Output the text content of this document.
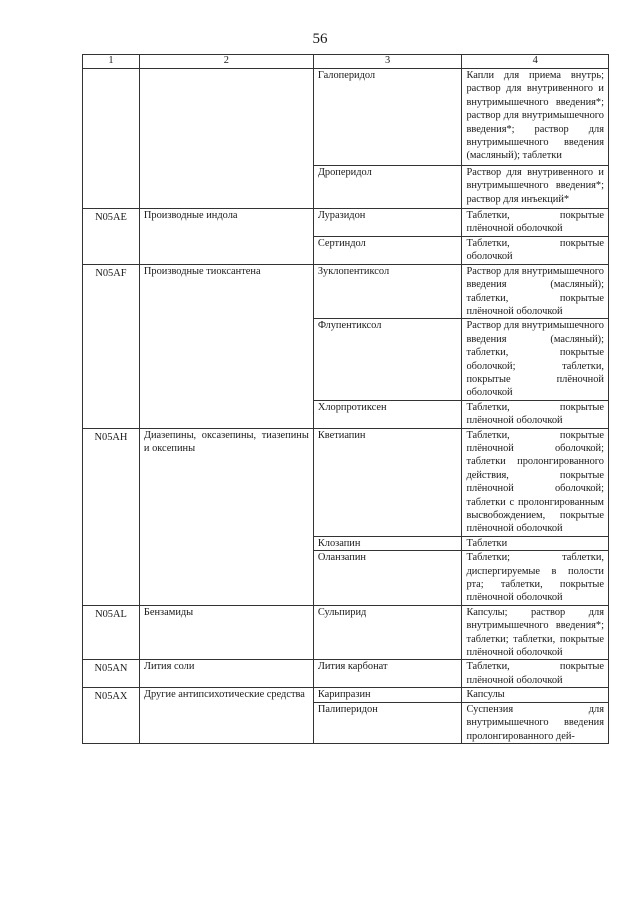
56
1	2	3	4
		Галоперидол	Капли для приема внутрь; раствор для внутривенного и внутримышечного введения*; раствор для внутримышечного введения*; раствор для внутримышечного введения (масляный); таблетки
		Дроперидол	Раствор для внутривенного и внутримышечного введения*; раствор для инъекций*
N05AE	Производные индола	Луразидон	Таблетки, покрытые плёночной оболочкой
		Сертиндол	Таблетки, покрытые оболочкой
N05AF	Производные тиоксантена	Зуклопентиксол	Раствор для внутримышечного введения (масляный); таблетки, покрытые плёночной оболочкой
		Флупентиксол	Раствор для внутримышечного введения (масляный); таблетки, покрытые оболочкой; таблетки, покрытые плёночной оболочкой
		Хлорпротиксен	Таблетки, покрытые плёночной оболочкой
N05AH	Диазепины, оксазепины, тиазепины и оксепины	Кветиапин	Таблетки, покрытые плёночной оболочкой; таблетки пролонгированного действия, покрытые плёночной оболочкой; таблетки с пролонгированным высвобождением, покрытые плёночной оболочкой
		Клозапин	Таблетки
		Оланзапин	Таблетки; таблетки, диспергируемые в полости рта; таблетки, покрытые плёночной оболочкой
N05AL	Бензамиды	Сульпирид	Капсулы; раствор для внутримышечного введения*; таблетки; таблетки, покрытые плёночной оболочкой
N05AN	Лития соли	Лития карбонат	Таблетки, покрытые плёночной оболочкой
N05AX	Другие антипсихотические средства	Карипразин	Капсулы
		Палиперидон	Суспензия для внутримышечного введения пролонгированного дей-
